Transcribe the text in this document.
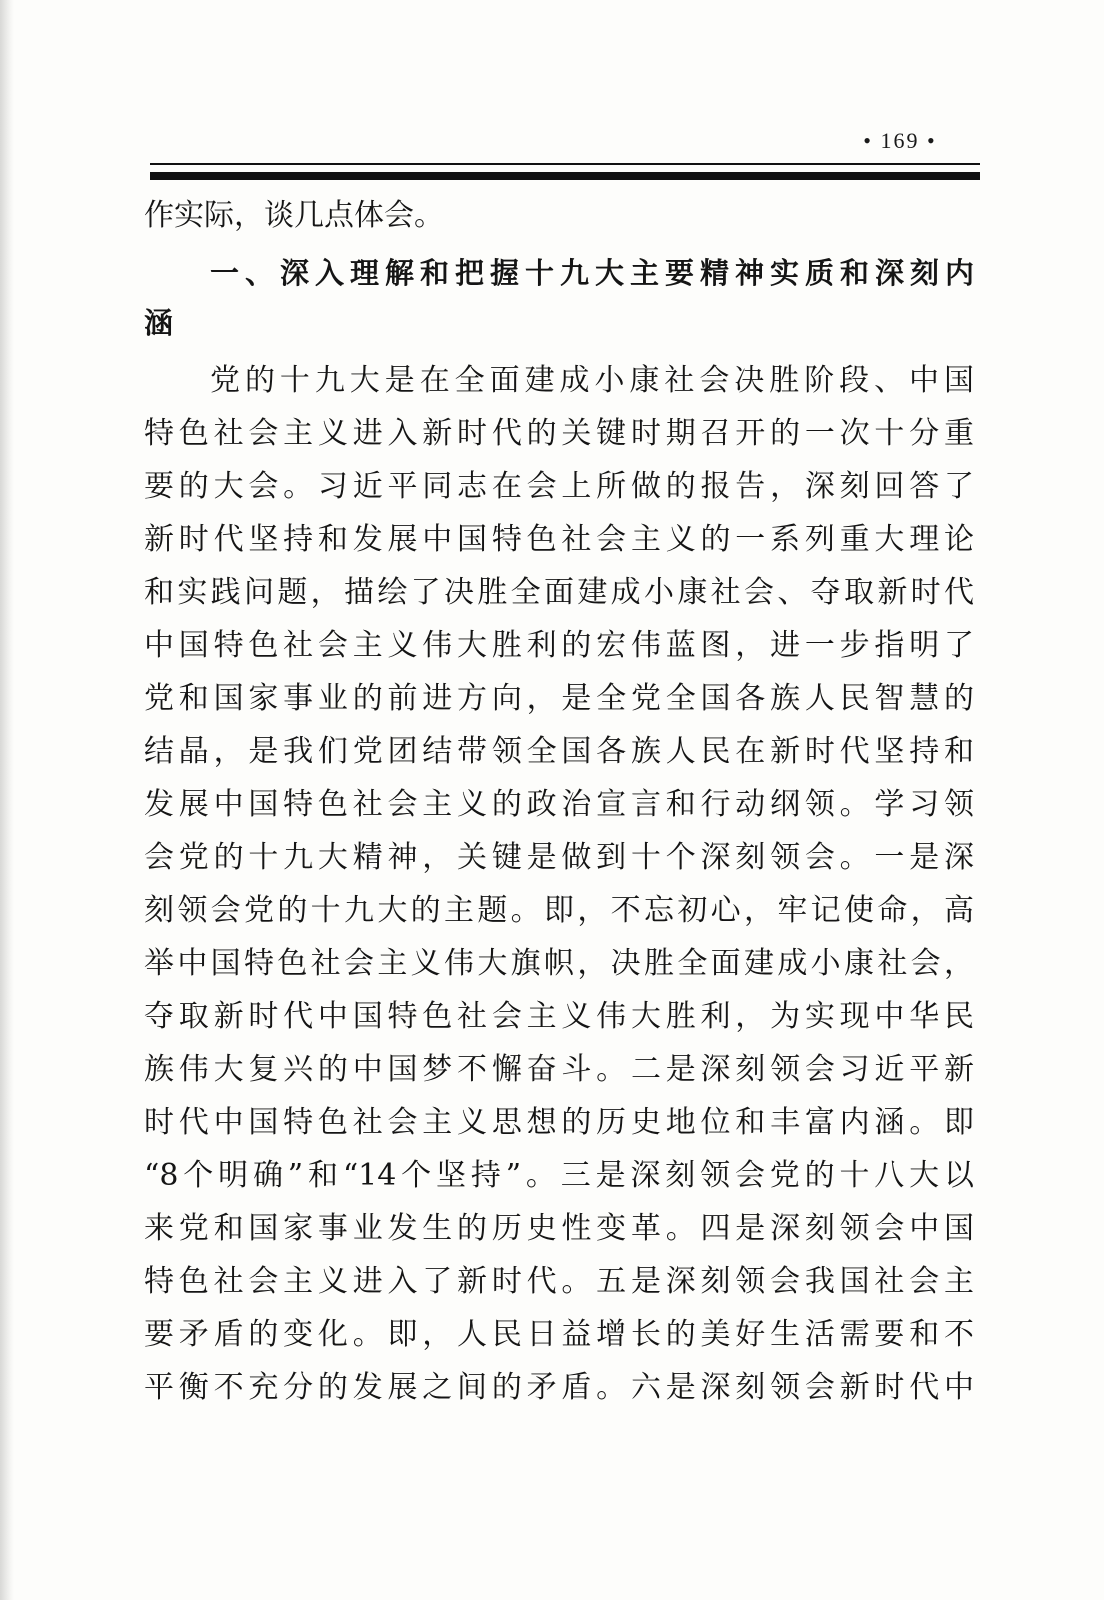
• 169 •
作实际，谈几点体会。
一、深入理解和把握十九大主要精神实质和深刻内
涵
党的十九大是在全面建成小康社会决胜阶段、中国
特色社会主义进入新时代的关键时期召开的一次十分重
要的大会。习近平同志在会上所做的报告，深刻回答了
新时代坚持和发展中国特色社会主义的一系列重大理论
和实践问题，描绘了决胜全面建成小康社会、夺取新时代
中国特色社会主义伟大胜利的宏伟蓝图，进一步指明了
党和国家事业的前进方向，是全党全国各族人民智慧的
结晶，是我们党团结带领全国各族人民在新时代坚持和
发展中国特色社会主义的政治宣言和行动纲领。学习领
会党的十九大精神，关键是做到十个深刻领会。一是深
刻领会党的十九大的主题。即，不忘初心，牢记使命，高
举中国特色社会主义伟大旗帜，决胜全面建成小康社会，
夺取新时代中国特色社会主义伟大胜利，为实现中华民
族伟大复兴的中国梦不懈奋斗。二是深刻领会习近平新
时代中国特色社会主义思想的历史地位和丰富内涵。即
“8个明确”和“14个坚持”。三是深刻领会党的十八大以
来党和国家事业发生的历史性变革。四是深刻领会中国
特色社会主义进入了新时代。五是深刻领会我国社会主
要矛盾的变化。即，人民日益增长的美好生活需要和不
平衡不充分的发展之间的矛盾。六是深刻领会新时代中
